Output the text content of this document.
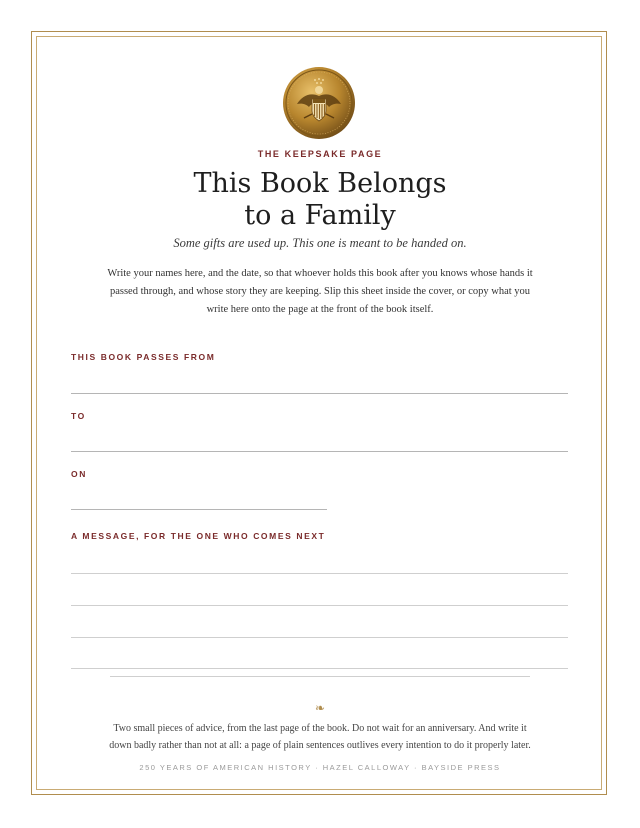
THE KEEPSAKE PAGE
This Book Belongs
to a Family
Some gifts are used up. This one is meant to be handed on.
Write your names here, and the date, so that whoever holds this book after you knows whose hands it passed through, and whose story they are keeping. Slip this sheet inside the cover, or copy what you write here onto the page at the front of the book itself.
THIS BOOK PASSES FROM
TO
ON
A MESSAGE, FOR THE ONE WHO COMES NEXT
❧
Two small pieces of advice, from the last page of the book. Do not wait for an anniversary. And write it down badly rather than not at all: a page of plain sentences outlives every intention to do it properly later.
250 YEARS OF AMERICAN HISTORY · HAZEL CALLOWAY · BAYSIDE PRESS
